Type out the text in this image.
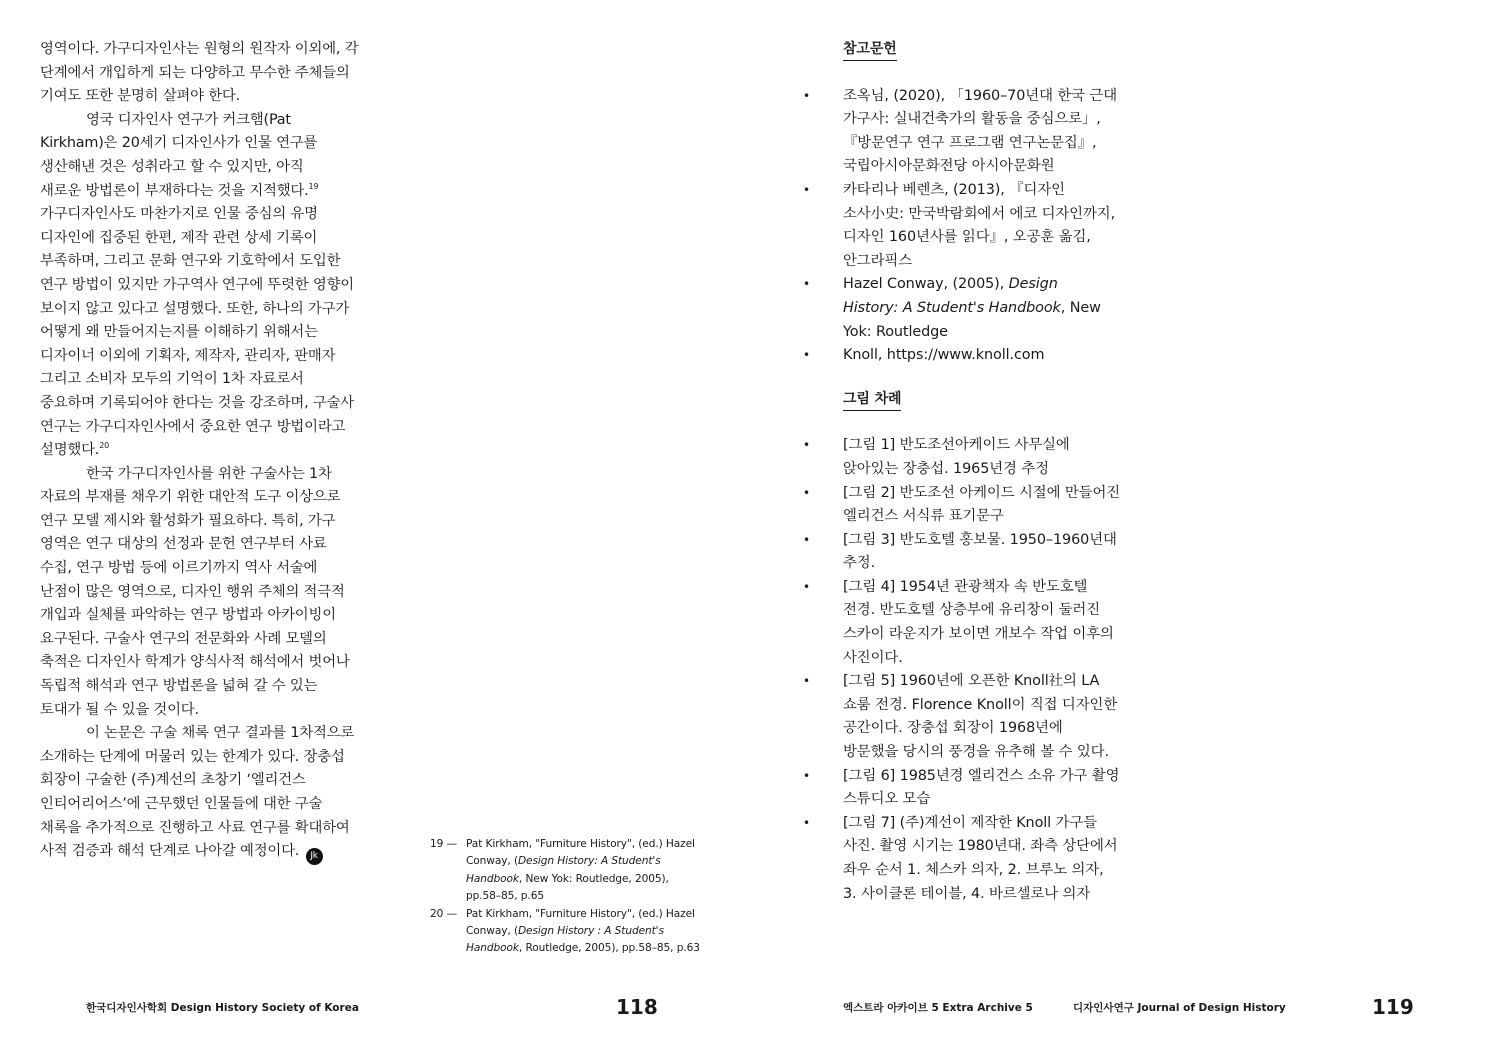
영역이다. 가구디자인사는 원형의 원작자 이외에, 각
단계에서 개입하게 되는 다양하고 무수한 주체들의
기여도 또한 분명히 살펴야 한다.
영국 디자인사 연구가 커크햄(Pat
Kirkham)은 20세기 디자인사가 인물 연구를
생산해낸 것은 성취라고 할 수 있지만, 아직
새로운 방법론이 부재하다는 것을 지적했다.$^{19}$
가구디자인사도 마찬가지로 인물 중심의 유명
디자인에 집중된 한편, 제작 관련 상세 기록이
부족하며, 그리고 문화 연구와 기호학에서 도입한
연구 방법이 있지만 가구역사 연구에 뚜렷한 영향이
보이지 않고 있다고 설명했다. 또한, 하나의 가구가
어떻게 왜 만들어지는지를 이해하기 위해서는
디자이너 이외에 기획자, 제작자, 관리자, 판매자
그리고 소비자 모두의 기억이 1차 자료로서
중요하며 기록되어야 한다는 것을 강조하며, 구술사
연구는 가구디자인사에서 중요한 연구 방법이라고
설명했다.$^{20}$
한국 가구디자인사를 위한 구술사는 1차
자료의 부재를 채우기 위한 대안적 도구 이상으로
연구 모델 제시와 활성화가 필요하다. 특히, 가구
영역은 연구 대상의 선정과 문헌 연구부터 사료
수집, 연구 방법 등에 이르기까지 역사 서술에
난점이 많은 영역으로, 디자인 행위 주체의 적극적
개입과 실체를 파악하는 연구 방법과 아카이빙이
요구된다. 구술사 연구의 전문화와 사례 모델의
축적은 디자인사 학계가 양식사적 해석에서 벗어나
독립적 해석과 연구 방법론을 넓혀 갈 수 있는
토대가 될 수 있을 것이다.
이 논문은 구술 채록 연구 결과를 1차적으로
소개하는 단계에 머물러 있는 한계가 있다. 장충섭
회장이 구술한 (주)계선의 초창기 ‘엘리건스
인티어리어스’에 근무했던 인물들에 대한 구술
채록을 추가적으로 진행하고 사료 연구를 확대하여
사적 검증과 해석 단계로 나아갈 예정이다. Jk
19 — Pat Kirkham, "Furniture History", (ed.) Hazel
Conway, (Design History: A Student's
Handbook, New Yok: Routledge, 2005),
pp.58–85, p.65
20 — Pat Kirkham, "Furniture History", (ed.) Hazel
Conway, (Design History : A Student's
Handbook, Routledge, 2005), pp.58–85, p.63
참고문헌
• 조옥님, (2020), 「1960–70년대 한국 근대
가구사: 실내건축가의 활동을 중심으로」,
『방문연구 연구 프로그램 연구논문집』,
국립아시아문화전당 아시아문화원
• 카타리나 베렌츠, (2013), 『디자인
소사小史: 만국박람회에서 에코 디자인까지,
디자인 160년사를 읽다』, 오공훈 옮김,
안그라픽스
• Hazel Conway, (2005), Design
History: A Student's Handbook, New
Yok: Routledge
• Knoll, https://www.knoll.com
그림 차례
• [그림 1] 반도조선아케이드 사무실에
앉아있는 장충섭. 1965년경 추정
• [그림 2] 반도조선 아케이드 시절에 만들어진
엘리건스 서식류 표기문구
• [그림 3] 반도호텔 홍보물. 1950–1960년대
추정.
• [그림 4] 1954년 관광책자 속 반도호텔
전경. 반도호텔 상층부에 유리창이 둘러진
스카이 라운지가 보이면 개보수 작업 이후의
사진이다.
• [그림 5] 1960년에 오픈한 Knoll社의 LA
쇼룸 전경. Florence Knoll이 직접 디자인한
공간이다. 장충섭 회장이 1968년에
방문했을 당시의 풍경을 유추해 볼 수 있다.
• [그림 6] 1985년경 엘리건스 소유 가구 촬영
스튜디오 모습
• [그림 7] (주)계선이 제작한 Knoll 가구들
사진. 촬영 시기는 1980년대. 좌측 상단에서
좌우 순서 1. 체스카 의자, 2. 브루노 의자,
3. 사이클론 테이블, 4. 바르셀로나 의자
한국디자인사학회 Design History Society of Korea	118	엑스트라 아카이브 5 Extra Archive 5	디자인사연구 Journal of Design History	119
